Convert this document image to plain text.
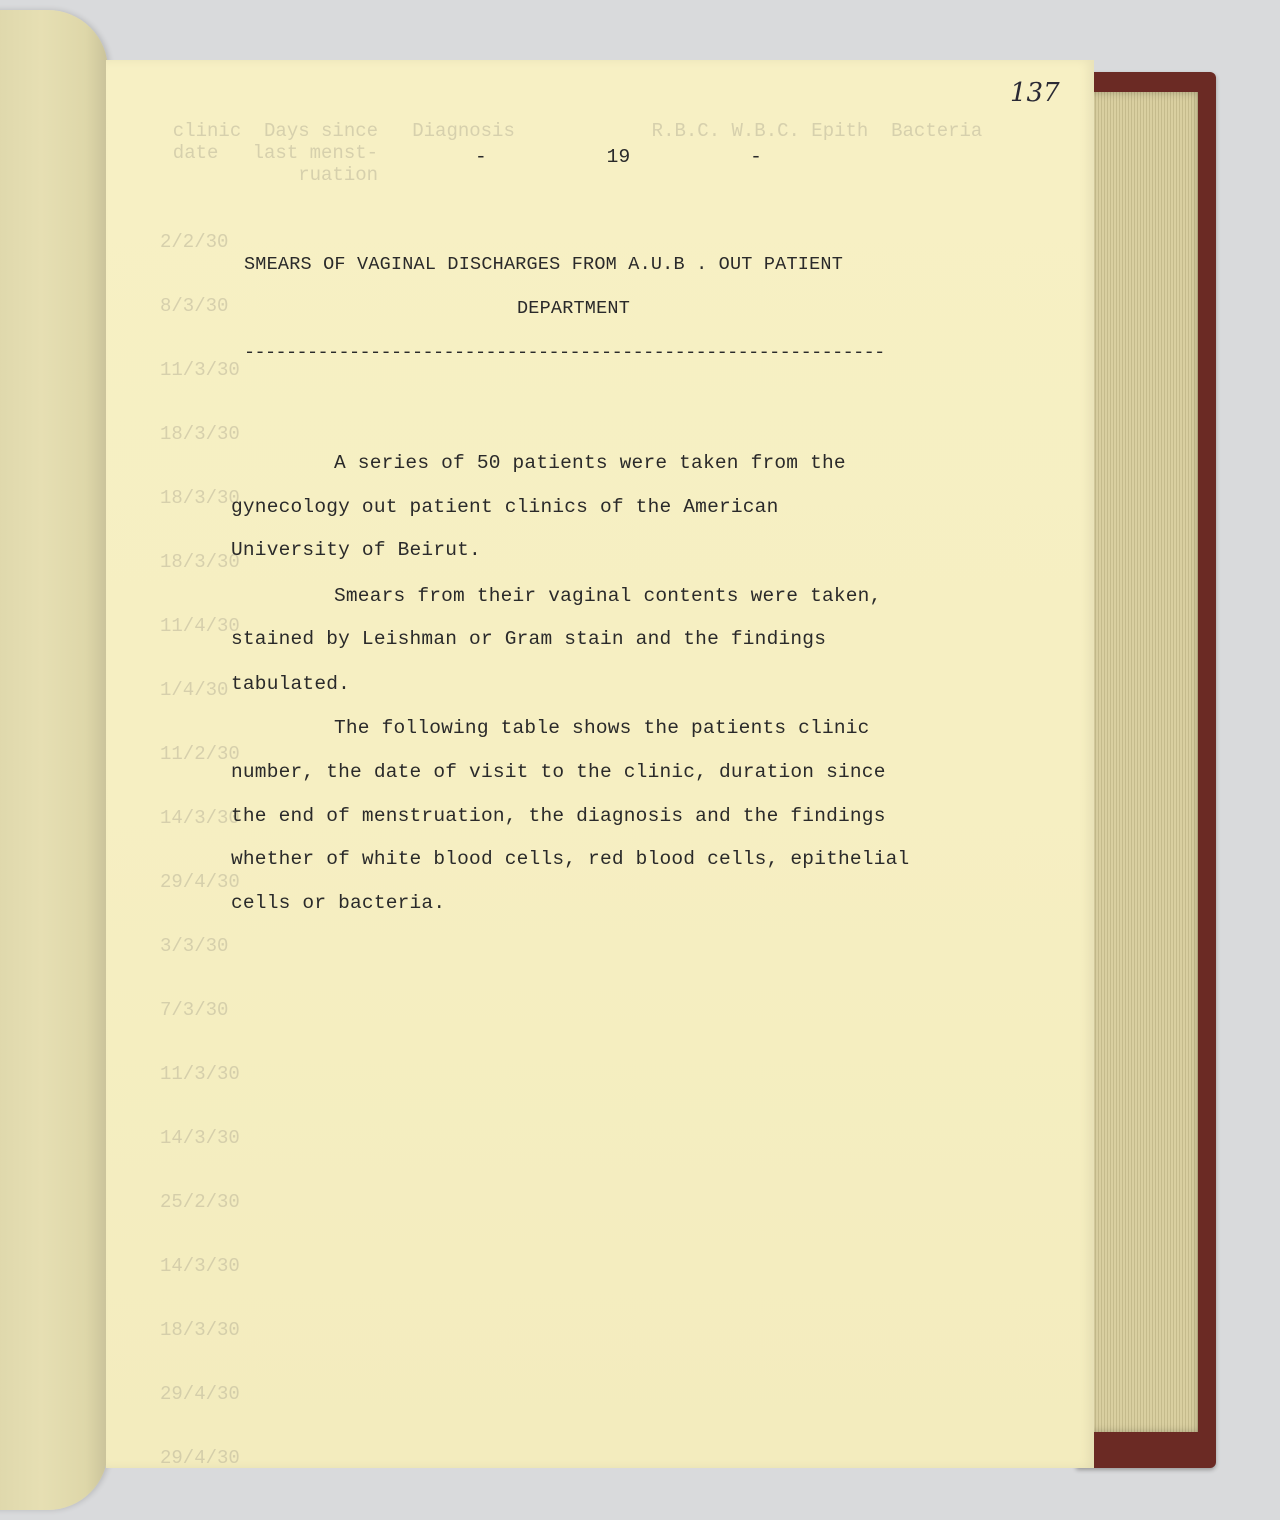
clinic  Days since   Diagnosis            R.B.C. W.B.C. Epith  Bacteria
date   last menst-
ruation
2/2/30
8/3/30
11/3/30
18/3/30
18/3/30
18/3/30
11/4/30
1/4/30
11/2/30
14/3/30
29/4/30
3/3/30
7/3/30
11/3/30
14/3/30
25/2/30
14/3/30
18/3/30
29/4/30
29/4/30
137
-   19   -
SMEARS OF VAGINAL DISCHARGES FROM A.U.B . OUT PATIENT
DEPARTMENT
-------------------------------------------------------------
A series of 50 patients were taken from the
gynecology out patient clinics of the American
University of Beirut.
Smears from their vaginal contents were taken,
stained by Leishman or Gram stain and the findings
tabulated.
The following table shows the patients clinic
number, the date of visit to the clinic, duration since
the end of menstruation, the diagnosis and the findings
whether of white blood cells, red blood cells, epithelial
cells or bacteria.
